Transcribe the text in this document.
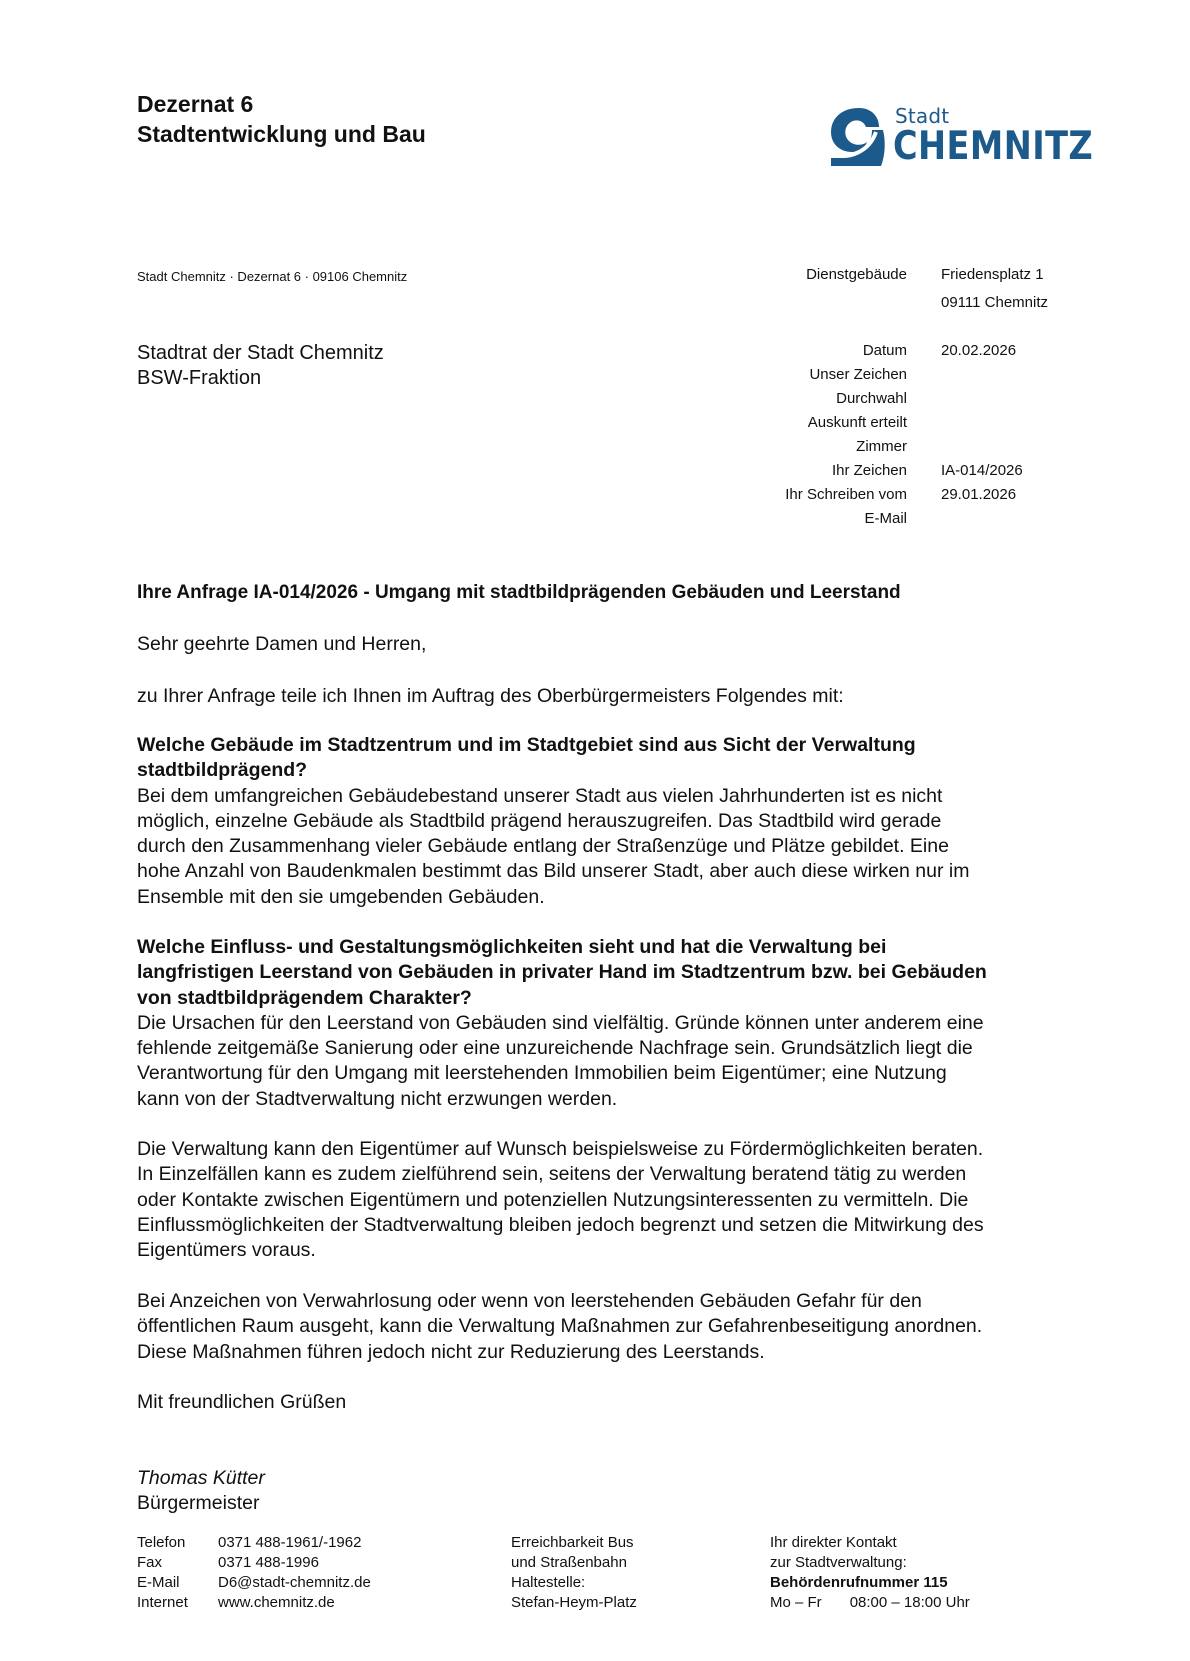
Dezernat 6
Stadtentwicklung und Bau
Stadt
CHEMNITZ
Stadt Chemnitz · Dezernat 6 · 09106 Chemnitz
Stadtrat der Stadt Chemnitz
BSW-Fraktion
Dienstgebäude Friedensplatz 1
09111 Chemnitz
Datum 20.02.2026
Unser Zeichen
Durchwahl
Auskunft erteilt
Zimmer
Ihr Zeichen IA-014/2026
Ihr Schreiben vom 29.01.2026
E-Mail
Ihre Anfrage IA-014/2026 - Umgang mit stadtbildprägenden Gebäuden und Leerstand
Sehr geehrte Damen und Herren,
zu Ihrer Anfrage teile ich Ihnen im Auftrag des Oberbürgermeisters Folgendes mit:
Welche Gebäude im Stadtzentrum und im Stadtgebiet sind aus Sicht der Verwaltung
stadtbildprägend?
Bei dem umfangreichen Gebäudebestand unserer Stadt aus vielen Jahrhunderten ist es nicht
möglich, einzelne Gebäude als Stadtbild prägend herauszugreifen. Das Stadtbild wird gerade
durch den Zusammenhang vieler Gebäude entlang der Straßenzüge und Plätze gebildet. Eine
hohe Anzahl von Baudenkmalen bestimmt das Bild unserer Stadt, aber auch diese wirken nur im
Ensemble mit den sie umgebenden Gebäuden.
Welche Einfluss- und Gestaltungsmöglichkeiten sieht und hat die Verwaltung bei
langfristigen Leerstand von Gebäuden in privater Hand im Stadtzentrum bzw. bei Gebäuden
von stadtbildprägendem Charakter?
Die Ursachen für den Leerstand von Gebäuden sind vielfältig. Gründe können unter anderem eine
fehlende zeitgemäße Sanierung oder eine unzureichende Nachfrage sein. Grundsätzlich liegt die
Verantwortung für den Umgang mit leerstehenden Immobilien beim Eigentümer; eine Nutzung
kann von der Stadtverwaltung nicht erzwungen werden.
Die Verwaltung kann den Eigentümer auf Wunsch beispielsweise zu Fördermöglichkeiten beraten.
In Einzelfällen kann es zudem zielführend sein, seitens der Verwaltung beratend tätig zu werden
oder Kontakte zwischen Eigentümern und potenziellen Nutzungsinteressenten zu vermitteln. Die
Einflussmöglichkeiten der Stadtverwaltung bleiben jedoch begrenzt und setzen die Mitwirkung des
Eigentümers voraus.
Bei Anzeichen von Verwahrlosung oder wenn von leerstehenden Gebäuden Gefahr für den
öffentlichen Raum ausgeht, kann die Verwaltung Maßnahmen zur Gefahrenbeseitigung anordnen.
Diese Maßnahmen führen jedoch nicht zur Reduzierung des Leerstands.
Mit freundlichen Grüßen
Thomas Kütter
Bürgermeister
Telefon
Fax
E-Mail
Internet
0371 488-1961/-1962
0371 488-1996
D6@stadt-chemnitz.de
www.chemnitz.de
Erreichbarkeit Bus
und Straßenbahn
Haltestelle:
Stefan-Heym-Platz
Ihr direkter Kontakt
zur Stadtverwaltung:
Behördenrufnummer 115
Mo – Fr 08:00 – 18:00 Uhr
